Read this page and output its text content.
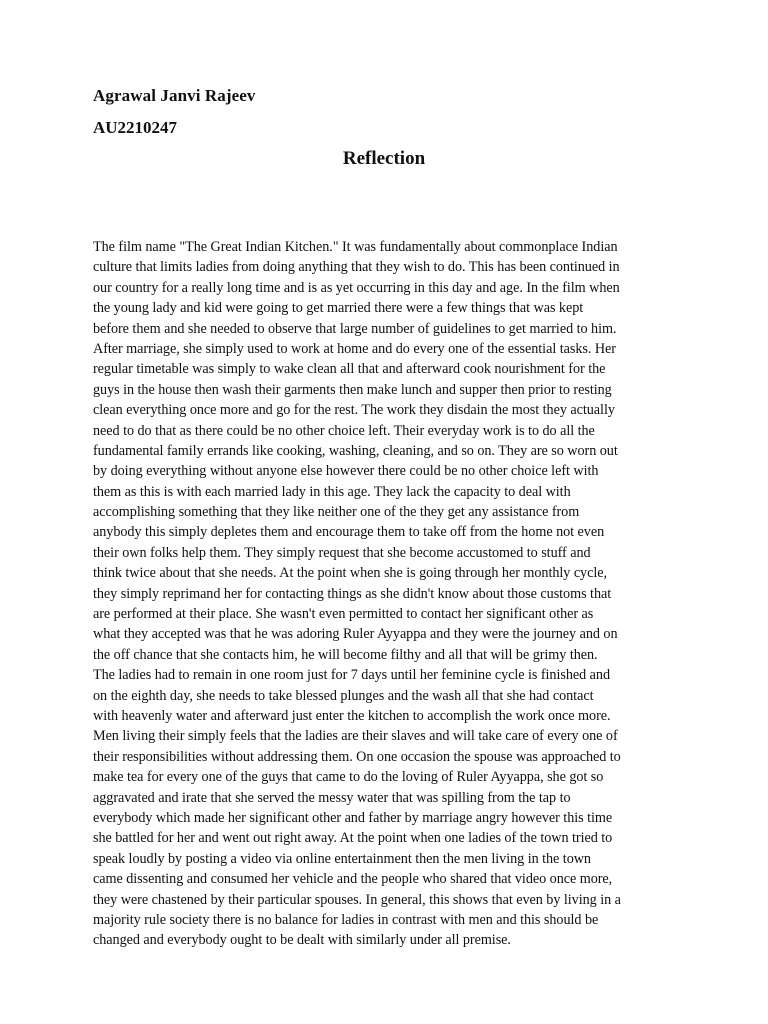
Agrawal Janvi Rajeev
AU2210247
Reflection
The film name "The Great Indian Kitchen." It was fundamentally about commonplace Indian
culture that limits ladies from doing anything that they wish to do. This has been continued in
our country for a really long time and is as yet occurring in this day and age. In the film when
the young lady and kid were going to get married there were a few things that was kept
before them and she needed to observe that large number of guidelines to get married to him.
After marriage, she simply used to work at home and do every one of the essential tasks. Her
regular timetable was simply to wake clean all that and afterward cook nourishment for the
guys in the house then wash their garments then make lunch and supper then prior to resting
clean everything once more and go for the rest. The work they disdain the most they actually
need to do that as there could be no other choice left. Their everyday work is to do all the
fundamental family errands like cooking, washing, cleaning, and so on. They are so worn out
by doing everything without anyone else however there could be no other choice left with
them as this is with each married lady in this age. They lack the capacity to deal with
accomplishing something that they like neither one of the they get any assistance from
anybody this simply depletes them and encourage them to take off from the home not even
their own folks help them. They simply request that she become accustomed to stuff and
think twice about that she needs. At the point when she is going through her monthly cycle,
they simply reprimand her for contacting things as she didn't know about those customs that
are performed at their place. She wasn't even permitted to contact her significant other as
what they accepted was that he was adoring Ruler Ayyappa and they were the journey and on
the off chance that she contacts him, he will become filthy and all that will be grimy then.
The ladies had to remain in one room just for 7 days until her feminine cycle is finished and
on the eighth day, she needs to take blessed plunges and the wash all that she had contact
with heavenly water and afterward just enter the kitchen to accomplish the work once more.
Men living their simply feels that the ladies are their slaves and will take care of every one of
their responsibilities without addressing them. On one occasion the spouse was approached to
make tea for every one of the guys that came to do the loving of Ruler Ayyappa, she got so
aggravated and irate that she served the messy water that was spilling from the tap to
everybody which made her significant other and father by marriage angry however this time
she battled for her and went out right away. At the point when one ladies of the town tried to
speak loudly by posting a video via online entertainment then the men living in the town
came dissenting and consumed her vehicle and the people who shared that video once more,
they were chastened by their particular spouses. In general, this shows that even by living in a
majority rule society there is no balance for ladies in contrast with men and this should be
changed and everybody ought to be dealt with similarly under all premise.
